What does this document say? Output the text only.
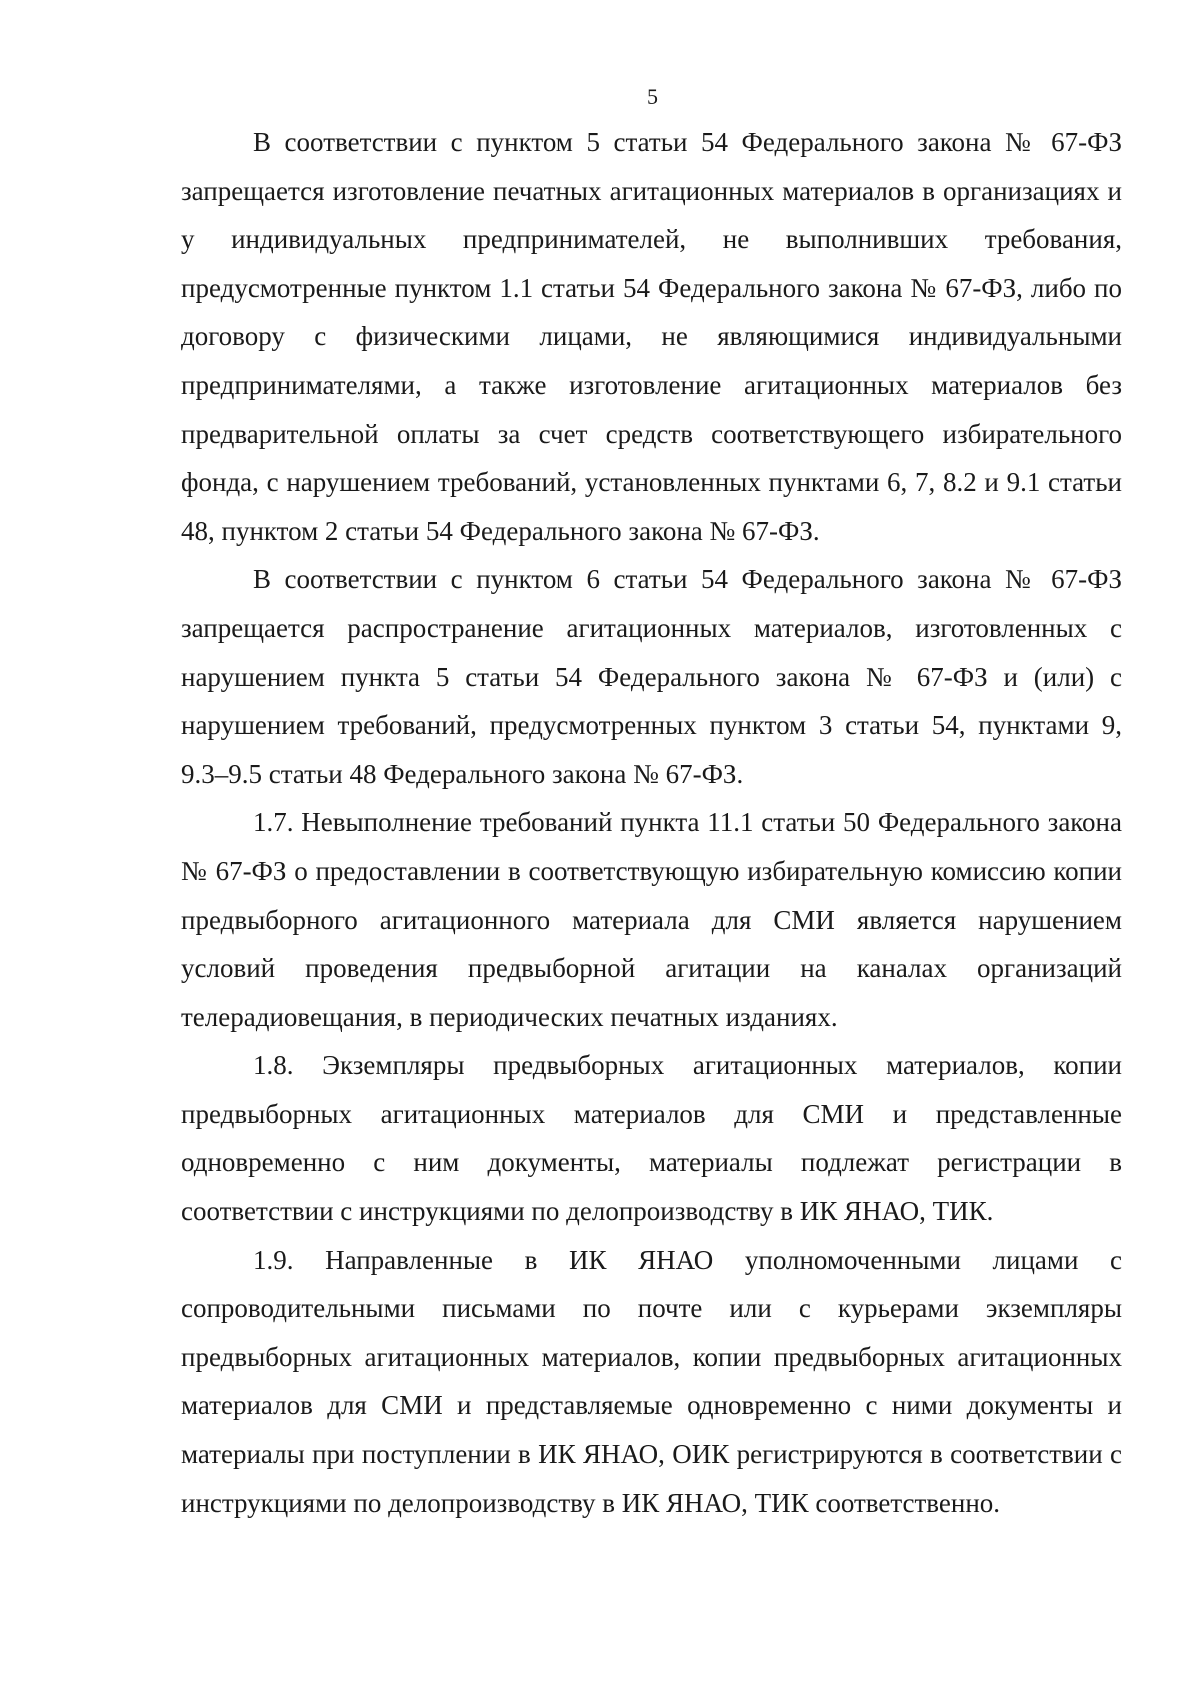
5

В соответствии с пунктом 5 статьи 54 Федерального закона № 67-ФЗ запрещается изготовление печатных агитационных материалов в организациях и у индивидуальных предпринимателей, не выполнивших требования, предусмотренные пунктом 1.1 статьи 54 Федерального закона № 67-ФЗ, либо по договору с физическими лицами, не являющимися индивидуальными предпринимателями, а также изготовление агитационных материалов без предварительной оплаты за счет средств соответствующего избирательного фонда, с нарушением требований, установленных пунктами 6, 7, 8.2 и 9.1 статьи 48, пунктом 2 статьи 54 Федерального закона № 67-ФЗ.

В соответствии с пунктом 6 статьи 54 Федерального закона № 67-ФЗ запрещается распространение агитационных материалов, изготовленных с нарушением пункта 5 статьи 54 Федерального закона № 67-ФЗ и (или) с нарушением требований, предусмотренных пунктом 3 статьи 54, пунктами 9, 9.3–9.5 статьи 48 Федерального закона № 67-ФЗ.

1.7. Невыполнение требований пункта 11.1 статьи 50 Федерального закона № 67-ФЗ о предоставлении в соответствующую избирательную комиссию копии предвыборного агитационного материала для СМИ является нарушением условий проведения предвыборной агитации на каналах организаций телерадиовещания, в периодических печатных изданиях.

1.8. Экземпляры предвыборных агитационных материалов, копии предвыборных агитационных материалов для СМИ и представленные одновременно с ним документы, материалы подлежат регистрации в соответствии с инструкциями по делопроизводству в ИК ЯНАО, ТИК.

1.9. Направленные в ИК ЯНАО уполномоченными лицами с сопроводительными письмами по почте или с курьерами экземпляры предвыборных агитационных материалов, копии предвыборных агитационных материалов для СМИ и представляемые одновременно с ними документы и материалы при поступлении в ИК ЯНАО, ОИК регистрируются в соответствии с инструкциями по делопроизводству в ИК ЯНАО, ТИК соответственно.
